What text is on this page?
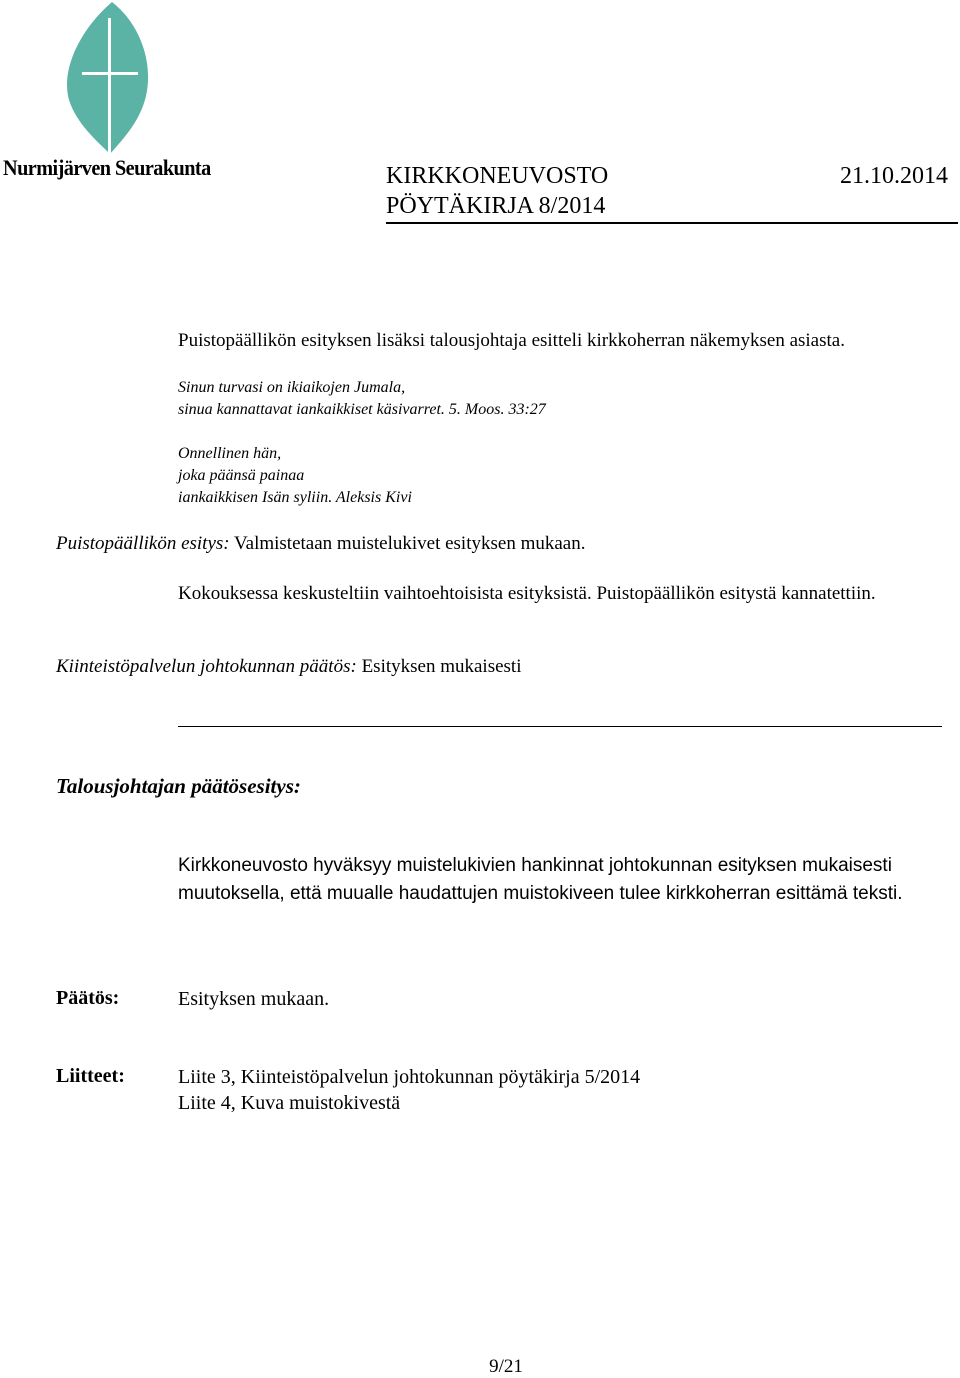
Nurmijärven Seurakunta	KIRKKONEUVOSTO	21.10.2014
PÖYTÄKIRJA 8/2014
Puistopäällikön esityksen lisäksi talousjohtaja esitteli kirkkoherran näkemyksen asiasta.
Sinun turvasi on ikiaikojen Jumala,
sinua kannattavat iankaikkiset käsivarret. 5. Moos. 33:27
Onnellinen hän,
joka päänsä painaa
iankaikkisen Isän syliin. Aleksis Kivi
Puistopäällikön esitys: Valmistetaan muistelukivet esityksen mukaan.
Kokouksessa keskusteltiin vaihtoehtoisista esityksistä. Puistopäällikön esitystä kannatettiin.
Kiinteistöpalvelun johtokunnan päätös: Esityksen mukaisesti
Talousjohtajan päätösesitys:
Kirkkoneuvosto hyväksyy muistelukivien hankinnat johtokunnan esityksen mukaisesti muutoksella, että muualle haudattujen muistokiveen tulee kirkkoherran esittämä teksti.
Päätös:	Esityksen mukaan.
Liitteet:	Liite 3, Kiinteistöpalvelun johtokunnan pöytäkirja 5/2014
Liite 4, Kuva muistokivestä
9/21
